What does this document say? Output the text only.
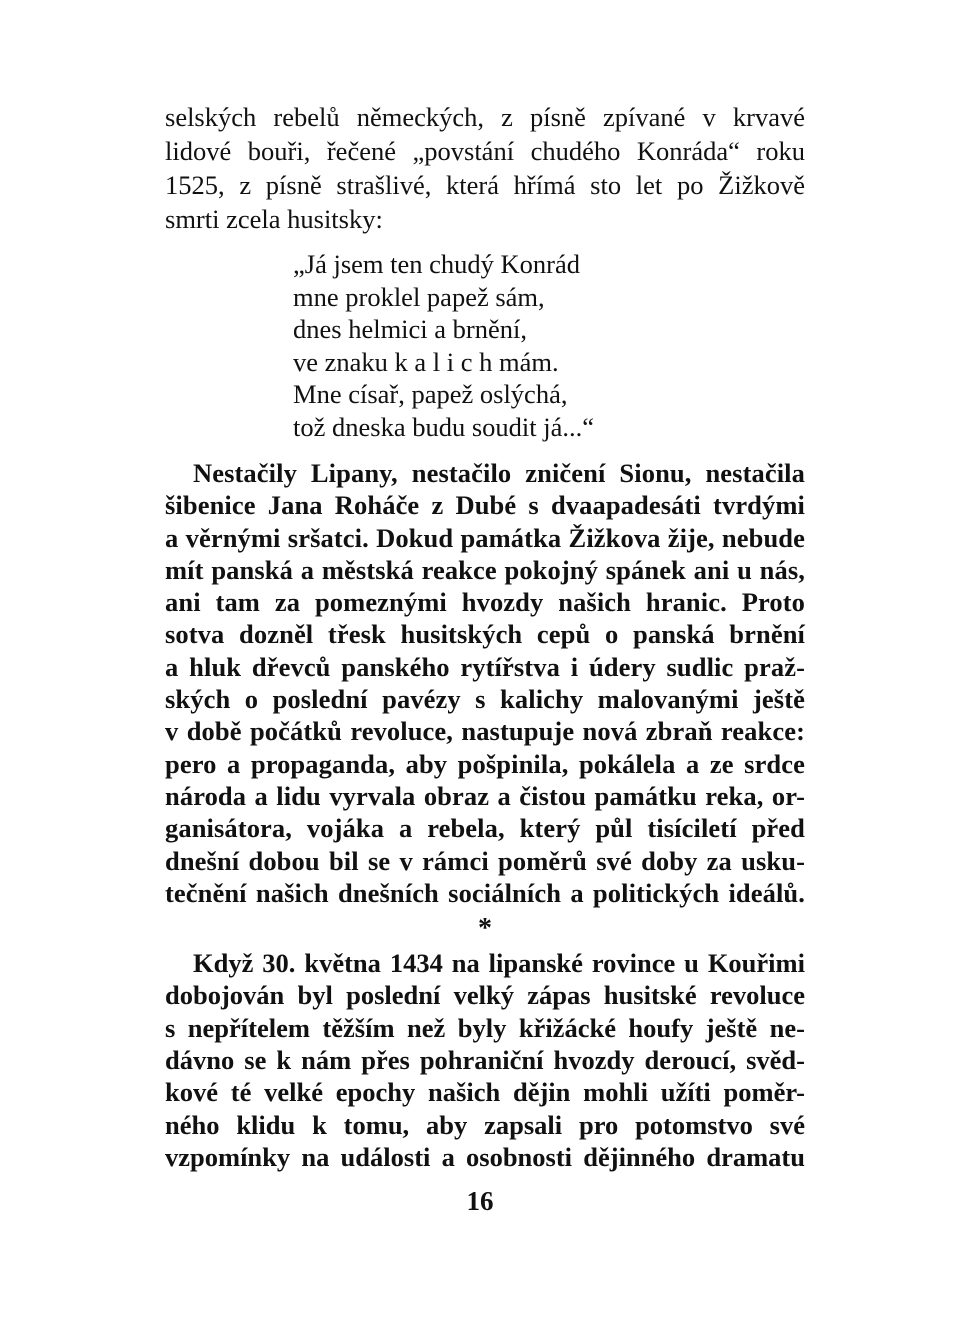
selských rebelů německých, z písně zpívané v krvavé
lidové bouři, řečené „povstání chudého Konráda“ roku
1525, z písně strašlivé, která hřímá sto let po Žižkově
smrti zcela husitsky:
„Já jsem ten chudý Konrád
mne proklel papež sám,
dnes helmici a brnění,
ve znaku k a l i c h mám.
Mne císař, papež oslýchá,
tož dneska budu soudit já...“
Nestačily Lipany, nestačilo zničení Sionu, nestačila
šibenice Jana Roháče z Dubé s dvaapadesáti tvrdými
a věrnými sršatci. Dokud památka Žižkova žije, nebude
mít panská a městská reakce pokojný spánek ani u nás,
ani tam za pomeznými hvozdy našich hranic. Proto
sotva dozněl třesk husitských cepů o panská brnění
a hluk dřevců panského rytířstva i údery sudlic praž-
ských o poslední pavézy s kalichy malovanými ještě
v době počátků revoluce, nastupuje nová zbraň reakce:
pero a propaganda, aby pošpinila, pokálela a ze srdce
národa a lidu vyrvala obraz a čistou památku reka, or-
ganisátora, vojáka a rebela, který půl tisíciletí před
dnešní dobou bil se v rámci poměrů své doby za usku-
tečnění našich dnešních sociálních a politických ideálů.
*
Když 30. května 1434 na lipanské rovince u Kouřimi
dobojován byl poslední velký zápas husitské revoluce
s nepřítelem těžším než byly křižácké houfy ještě ne-
dávno se k nám přes pohraniční hvozdy deroucí, svěd-
kové té velké epochy našich dějin mohli užíti poměr-
ného klidu k tomu, aby zapsali pro potomstvo své
vzpomínky na události a osobnosti dějinného dramatu
16
